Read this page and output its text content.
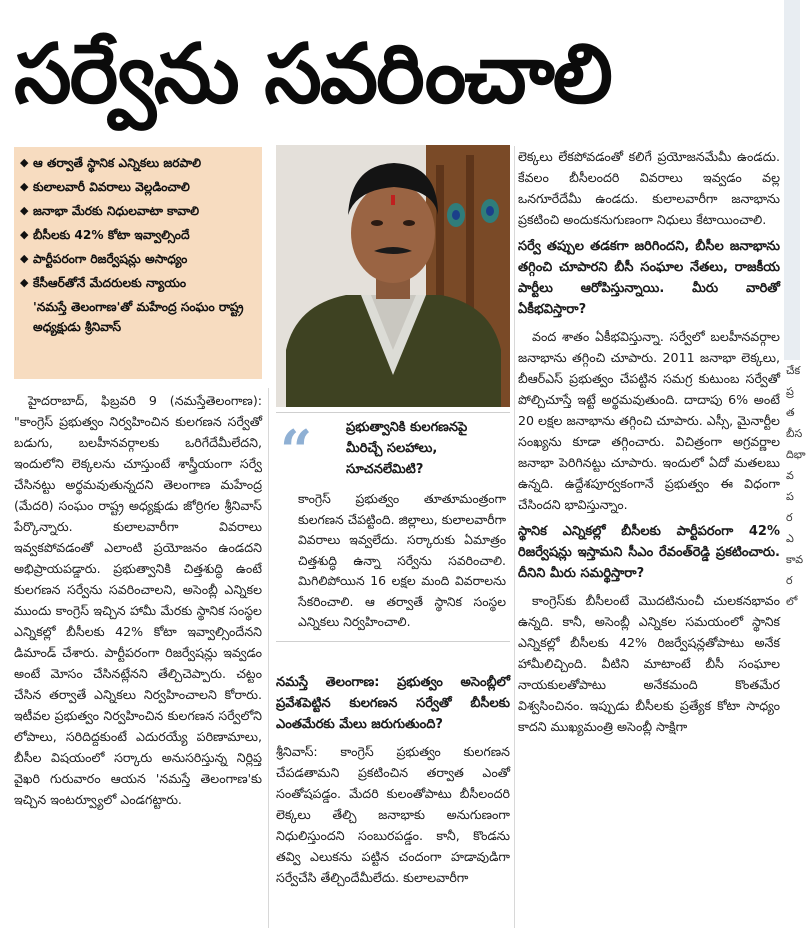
సర్వేను సవరించాలి
◆ ఆ తర్వాతే స్థానిక ఎన్నికలు జరపాలి
◆ కులాలవారీ వివరాలు వెల్లడించాలి
◆ జనాభా మేరకు నిధులవాటా కావాలి
◆ బీసీలకు 42% కోటా ఇవ్వాల్సిందే
◆ పార్టీపరంగా రిజర్వేషన్లు అసాధ్యం
◆ కేసీఆర్‌తోనే మేదరులకు న్యాయం
'నమస్తే తెలంగాణ'తో మహేంద్ర సంఘం రాష్ట్ర అధ్యక్షుడు శ్రీనివాస్

హైదరాబాద్, ఫిబ్రవరి 9 (నమస్తేతెలంగాణ): "కాంగ్రెస్ ప్రభుత్వం నిర్వహించిన కులగణన సర్వేతో బడుగు, బలహీనవర్గాలకు ఒరిగేదేమీలేదని, ఇందులోని లెక్కలను చూస్తుంటే శాస్త్రీయంగా సర్వే చేసినట్టు అర్థమవుతున్నదని తెలంగాణ మహేంద్ర (మేదరి) సంఘం రాష్ట్ర అధ్యక్షుడు జోర్రిగల శ్రీనివాస్ పేర్కొన్నారు. కులాలవారీగా వివరాలు ఇవ్వకపోవడంతో ఎలాంటి ప్రయోజనం ఉండదని అభిప్రాయపడ్డారు. ప్రభుత్వానికి చిత్తశుద్ధి ఉంటే కులగణన సర్వేను సవరించాలని, అసెంబ్లీ ఎన్నికల ముందు కాంగ్రెస్ ఇచ్చిన హామీ మేరకు స్థానిక సంస్థల ఎన్నికల్లో బీసీలకు 42% కోటా ఇవ్వాల్సిందేనని డిమాండ్ చేశారు. పార్టీపరంగా రిజర్వేషన్లు ఇవ్వడం అంటే మోసం చేసినట్లేనని తేల్చిచెప్పారు. చట్టం చేసిన తర్వాతే ఎన్నికలు నిర్వహించాలని కోరారు. ఇటీవల ప్రభుత్వం నిర్వహించిన కులగణన సర్వేలోని లోపాలు, సరిదిద్దకుంటే ఎదురయ్యే పరిణామాలు, బీసీల విషయంలో సర్కారు అనుసరిస్తున్న నిర్లిప్త వైఖరి గురువారం ఆయన 'నమస్తే తెలంగాణ'కు ఇచ్చిన ఇంటర్వ్యూలో ఎండగట్టారు.

“	ప్రభుత్వానికి కులగణనపై మీరిచ్చే సలహాలు, సూచనలేమిటి?
కాంగ్రెస్ ప్రభుత్వం తూతూమంత్రంగా కులగణన చేపట్టింది. జిల్లాలు, కులాలవారీగా వివరాలు ఇవ్వలేదు. సర్కారుకు ఏమాత్రం చిత్తశుద్ధి ఉన్నా సర్వేను సవరించాలి. మిగిలిపోయిన 16 లక్షల మంది వివరాలను సేకరించాలి. ఆ తర్వాతే స్థానిక సంస్థల ఎన్నికలు నిర్వహించాలి.

నమస్తే తెలంగాణ: ప్రభుత్వం అసెంబ్లీలో ప్రవేశపెట్టిన కులగణన సర్వేతో బీసీలకు ఎంతమేరకు మేలు జరుగుతుంది?

శ్రీనివాస్: కాంగ్రెస్ ప్రభుత్వం కులగణన చేపడతామని ప్రకటించిన తర్వాత ఎంతో సంతోషపడ్డం. మేదరి కులంతోపాటు బీసీలందరి లెక్కలు తేల్చి జనాభాకు అనుగుణంగా నిధులిస్తుందని సంబురపడ్డం. కానీ, కొండను తవ్వి ఎలుకను పట్టిన చందంగా హడావుడిగా సర్వేచేసి తేల్చిందేమీలేదు. కులాలవారీగా

లెక్కలు లేకపోవడంతో కలిగే ప్రయోజనమేమీ ఉండదు. కేవలం బీసీలందరి వివరాలు ఇవ్వడం వల్ల ఒనగూరేదేమీ ఉండదు. కులాలవారీగా జనాభాను ప్రకటించి అందుకనుగుణంగా నిధులు కేటాయించాలి.

సర్వే తప్పుల తడకగా జరిగిందని, బీసీల జనాభాను తగ్గించి చూపారని బీసీ సంఘాల నేతలు, రాజకీయ పార్టీలు ఆరోపిస్తున్నాయి. మీరు వారితో ఏకీభవిస్తారా?

వంద శాతం ఏకీభవిస్తున్నా. సర్వేలో బలహీనవర్గాల జనాభాను తగ్గించి చూపారు. 2011 జనాభా లెక్కలు, బీఆర్‌ఎస్ ప్రభుత్వం చేపట్టిన సమగ్ర కుటుంబ సర్వేతో పోల్చిచూస్తే ఇట్టే అర్థమవుతుంది. దాదాపు 6% అంటే 20 లక్షల జనాభాను తగ్గించి చూపారు. ఎస్సీ, మైనార్టీల సంఖ్యను కూడా తగ్గించారు. విచిత్రంగా అగ్రవర్ణాల జనాభా పెరిగినట్టు చూపారు. ఇందులో ఏదో మతలబు ఉన్నది. ఉద్దేశపూర్వకంగానే ప్రభుత్వం ఈ విధంగా చేసిందని భావిస్తున్నాం.

స్థానిక ఎన్నికల్లో బీసీలకు పార్టీపరంగా 42% రిజర్వేషన్లు ఇస్తామని సీఎం రేవంత్‌రెడ్డి ప్రకటించారు. దీనిని మీరు సమర్థిస్తారా?

కాంగ్రెస్‌కు బీసీలంటే మొదటినుంచీ చులకనభావం ఉన్నది. కానీ, అసెంబ్లీ ఎన్నికల సమయంలో స్థానిక ఎన్నికల్లో బీసీలకు 42% రిజర్వేషన్లతోపాటు అనేక హామీలిచ్చింది. వీటిని మాటాంటే బీసీ సంఘాల నాయకులతోపాటు అనేకమంది కొంతమేర విశ్వసించినం. ఇప్పుడు బీసీలకు ప్రత్యేక కోటా సాధ్యం కాదని ముఖ్యమంత్రి అసెంబ్లీ సాక్షిగా

చేకప్రతబీసదిభావపరఎకావరలో
